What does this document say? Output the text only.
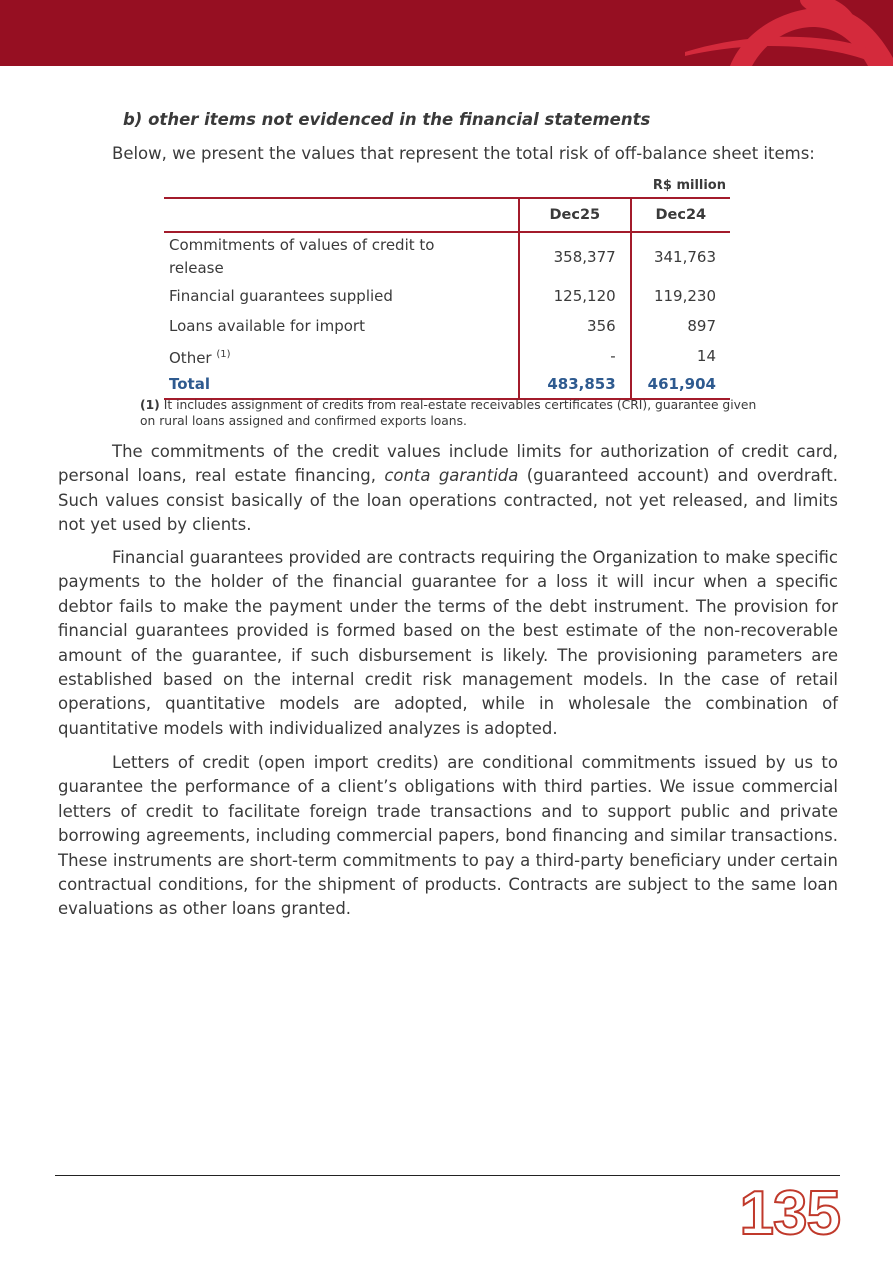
b) other items not evidenced in the financial statements

Below, we present the values that represent the total risk of off-balance sheet items:

R$ million
	Dec25	Dec24
Commitments of values of credit to release	358,377	341,763
Financial guarantees supplied	125,120	119,230
Loans available for import	356	897
Other $^{(1)}$	-	14
Total	483,853	461,904

(1) It includes assignment of credits from real-estate receivables certificates (CRI), guarantee given on rural loans assigned and confirmed exports loans.

The commitments of the credit values include limits for authorization of credit card, personal loans, real estate financing, conta garantida (guaranteed account) and overdraft. Such values consist basically of the loan operations contracted, not yet released, and limits not yet used by clients.

Financial guarantees provided are contracts requiring the Organization to make specific payments to the holder of the financial guarantee for a loss it will incur when a specific debtor fails to make the payment under the terms of the debt instrument. The provision for financial guarantees provided is formed based on the best estimate of the non-recoverable amount of the guarantee, if such disbursement is likely. The provisioning parameters are established based on the internal credit risk management models. In the case of retail operations, quantitative models are adopted, while in wholesale the combination of quantitative models with individualized analyzes is adopted.

Letters of credit (open import credits) are conditional commitments issued by us to guarantee the performance of a client’s obligations with third parties. We issue commercial letters of credit to facilitate foreign trade transactions and to support public and private borrowing agreements, including commercial papers, bond financing and similar transactions. These instruments are short-term commitments to pay a third-party beneficiary under certain contractual conditions, for the shipment of products. Contracts are subject to the same loan evaluations as other loans granted.

135
